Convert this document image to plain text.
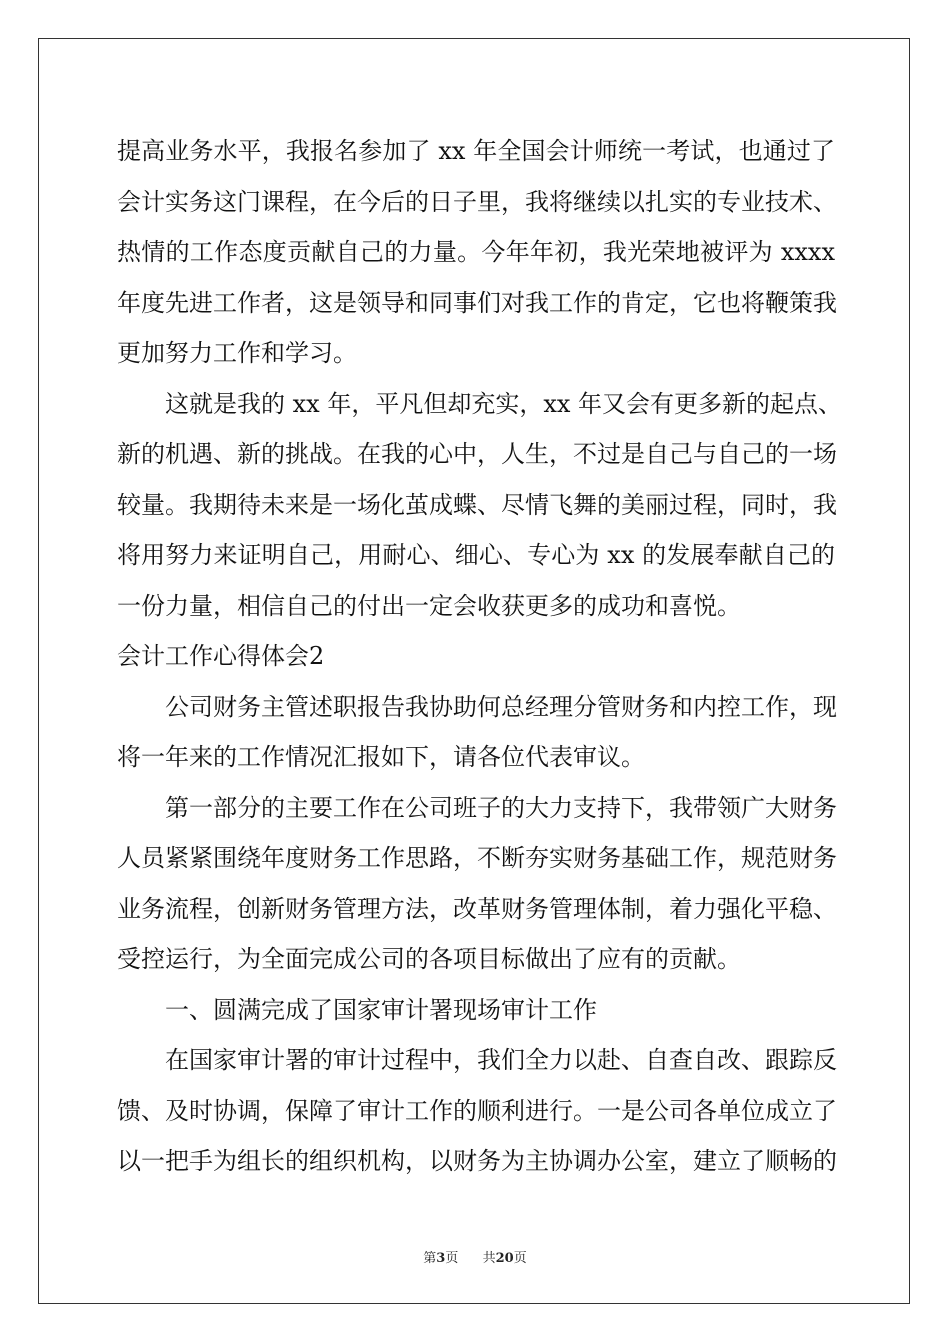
提高业务水平，我报名参加了 xx 年全国会计师统一考试，也通过了
会计实务这门课程，在今后的日子里，我将继续以扎实的专业技术、
热情的工作态度贡献自己的力量。今年年初，我光荣地被评为 xxxx
年度先进工作者，这是领导和同事们对我工作的肯定，它也将鞭策我
更加努力工作和学习。
这就是我的 xx 年，平凡但却充实，xx 年又会有更多新的起点、
新的机遇、新的挑战。在我的心中，人生，不过是自己与自己的一场
较量。我期待未来是一场化茧成蝶、尽情飞舞的美丽过程，同时，我
将用努力来证明自己，用耐心、细心、专心为 xx 的发展奉献自己的
一份力量，相信自己的付出一定会收获更多的成功和喜悦。
会计工作心得体会2
公司财务主管述职报告我协助何总经理分管财务和内控工作，现
将一年来的工作情况汇报如下，请各位代表审议。
第一部分的主要工作在公司班子的大力支持下，我带领广大财务
人员紧紧围绕年度财务工作思路，不断夯实财务基础工作，规范财务
业务流程，创新财务管理方法，改革财务管理体制，着力强化平稳、
受控运行，为全面完成公司的各项目标做出了应有的贡献。
一、圆满完成了国家审计署现场审计工作
在国家审计署的审计过程中，我们全力以赴、自查自改、跟踪反
馈、及时协调，保障了审计工作的顺利进行。一是公司各单位成立了
以一把手为组长的组织机构，以财务为主协调办公室，建立了顺畅的
第3页 共20页
